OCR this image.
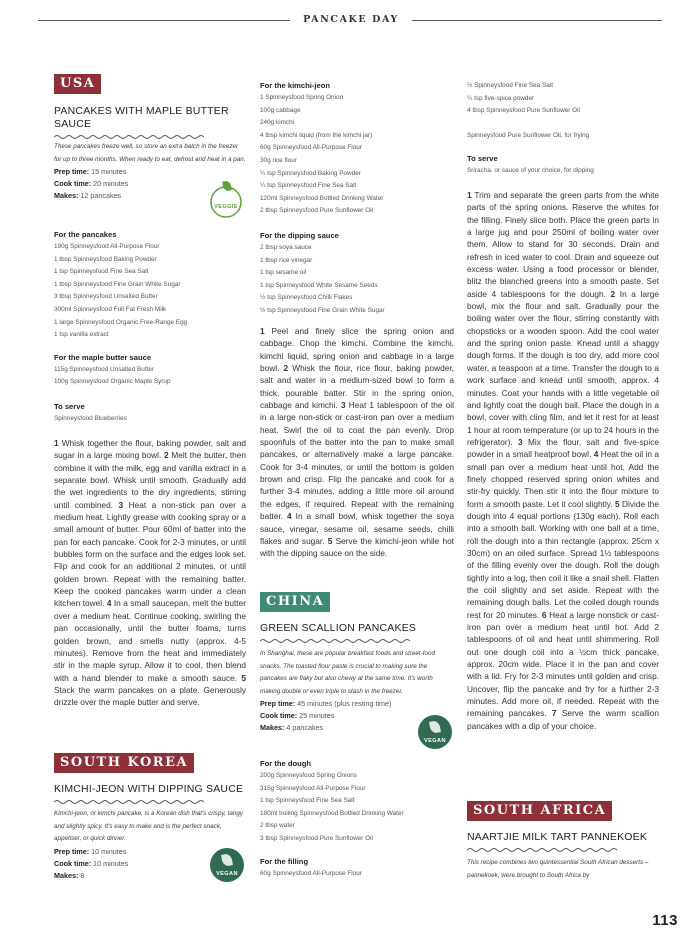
PANCAKE DAY
USA
PANCAKES WITH MAPLE BUTTER SAUCE
These pancakes freeze well, so store an extra batch in the freezer for up to three months. When ready to eat, defrost and heat in a pan.
Prep time: 15 minutes
Cook time: 20 minutes
Makes: 12 pancakes
VEGGIE
For the pancakes
190g Spinneysfood All-Purpose Flour
1 tbsp Spinneysfood Baking Powder
1 tsp Spinneysfood Fine Sea Salt
1 tbsp Spinneysfood Fine Grain White Sugar
3 tbsp Spinneysfood Unsalted Butter
300ml Spinneysfood Full Fat Fresh Milk
1 large Spinneysfood Organic Free-Range Egg
1 tsp vanilla extract
For the maple butter sauce
115g Spinneysfood Unsalted Butter
100g Spinneysfood Organic Maple Syrup
To serve
Spinneysfood Blueberries
1 Whisk together the flour, baking powder, salt and sugar in a large mixing bowl. 2 Melt the butter, then combine it with the milk, egg and vanilla extract in a separate bowl. Whisk until smooth. Gradually add the wet ingredients to the dry ingredients, stirring until combined. 3 Heat a non-stick pan over a medium heat. Lightly grease with cooking spray or a small amount of butter. Pour 60ml of batter into the pan for each pancake. Cook for 2-3 minutes, or until bubbles form on the surface and the edges look set. Flip and cook for an additional 2 minutes, or until golden brown. Repeat with the remaining batter. Keep the cooked pancakes warm under a clean kitchen towel. 4 In a small saucepan, melt the butter over a medium heat. Continue cooking, swirling the pan occasionally, until the butter foams, turns golden brown, and smells nutty (approx. 4-5 minutes). Remove from the heat and immediately stir in the maple syrup. Allow it to cool, then blend with a hand blender to make a smooth sauce. 5 Stack the warm pancakes on a plate. Generously drizzle over the maple butter and serve.
SOUTH KOREA
KIMCHI-JEON WITH DIPPING SAUCE
Kimchi-jeon, or kimchi pancake, is a Korean dish that's crispy, tangy and slightly spicy. It's easy to make and is the perfect snack, appetiser, or quick dinner.
Prep time: 10 minutes
Cook time: 10 minutes
Makes: 8	VEGAN
For the kimchi-jeon
1 Spinneysfood Spring Onion
100g cabbage
240g kimchi
4 tbsp kimchi liquid (from the kimchi jar)
60g Spinneysfood All-Purpose Flour
30g rice flour
¼ tsp Spinneysfood Baking Powder
¼ tsp Spinneysfood Fine Sea Salt
120ml Spinneysfood Bottled Drinking Water
2 tbsp Spinneysfood Pure Sunflower Oil
For the dipping sauce
2 tbsp soya sauce
1 tbsp rice vinegar
1 tsp sesame oil
1 tsp Spinneysfood White Sesame Seeds
½ tsp Spinneysfood Chilli Flakes
½ tsp Spinneysfood Fine Grain White Sugar
1 Peel and finely slice the spring onion and cabbage. Chop the kimchi. Combine the kimchi, kimchi liquid, spring onion and cabbage in a large bowl. 2 Whisk the flour, rice flour, baking powder, salt and water in a medium-sized bowl to form a thick, pourable batter. Stir in the spring onion, cabbage and kimchi. 3 Heat 1 tablespoon of the oil in a large non-stick or cast-iron pan over a medium heat. Swirl the oil to coat the pan evenly. Drop spoonfuls of the batter into the pan to make small pancakes, or alternatively make a large pancake. Cook for 3-4 minutes, or until the bottom is golden brown and crisp. Flip the pancake and cook for a further 3-4 minutes, adding a little more oil around the edges, if required. Repeat with the remaining batter. 4 In a small bowl, whisk together the soya sauce, vinegar, sesame oil, sesame seeds, chilli flakes and sugar. 5 Serve the kimchi-jeon while hot with the dipping sauce on the side.
CHINA
GREEN SCALLION PANCAKES
In Shanghai, these are popular breakfast foods and street-food snacks. The toasted flour paste is crucial to making sure the pancakes are flaky but also chewy at the same time. It's worth making double or even triple to stash in the freezer.
Prep time: 45 minutes (plus resting time)
Cook time: 25 minutes
Makes: 4 pancakes
VEGAN
For the dough
200g Spinneysfood Spring Onions
315g Spinneysfood All-Purpose Flour
1 tsp Spinneysfood Fine Sea Salt
180ml boiling Spinneysfood Bottled Drinking Water
2 tbsp water
3 tbsp Spinneysfood Pure Sunflower Oil
For the filling
60g Spinneysfood All-Purpose Flour
½ Spinneysfood Fine Sea Salt
¼ tsp five-spice powder
4 tbsp Spinneysfood Pure Sunflower Oil
Spinneysfood Pure Sunflower Oil, for frying
To serve
Sriracha, or sauce of your choice, for dipping
1 Trim and separate the green parts from the white parts of the spring onions. Reserve the whites for the filling. Finely slice both. Place the green parts in a large jug and pour 250ml of boiling water over them. Allow to stand for 30 seconds. Drain and refresh in iced water to cool. Drain and squeeze out excess water. Using a food processor or blender, blitz the blanched greens into a smooth paste. Set aside 4 tablespoons for the dough. 2 In a large bowl, mix the flour and salt. Gradually pour the boiling water over the flour, stirring constantly with chopsticks or a wooden spoon. Add the cool water and the spring onion paste. Knead until a shaggy dough forms. If the dough is too dry, add more cool water, a teaspoon at a time. Transfer the dough to a work surface and knead until smooth, approx. 4 minutes. Coat your hands with a little vegetable oil and lightly coat the dough ball. Place the dough in a bowl, cover with cling film, and let it rest for at least 1 hour at room temperature (or up to 24 hours in the refrigerator). 3 Mix the flour, salt and five-spice powder in a small heatproof bowl. 4 Heat the oil in a small pan over a medium heat until hot. Add the finely chopped reserved spring onion whites and stir-fry quickly. Then stir it into the flour mixture to form a smooth paste. Let it cool slightly. 5 Divide the dough into 4 equal portions (130g each). Roll each into a smooth ball. Working with one ball at a time, roll the dough into a thin rectangle (approx. 25cm x 30cm) on an oiled surface. Spread 1½ tablespoons of the filling evenly over the dough. Roll the dough tightly into a log, then coil it like a snail shell. Flatten the coil slightly and set aside. Repeat with the remaining dough balls. Let the coiled dough rounds rest for 20 minutes. 6 Heat a large nonstick or cast-iron pan over a medium heat until hot. Add 2 tablespoons of oil and heat until shimmering. Roll out one dough coil into a ½cm thick pancake, approx. 20cm wide. Place it in the pan and cover with a lid. Fry for 2-3 minutes until golden and crisp. Uncover, flip the pancake and fry for a further 2-3 minutes. Add more oil, if needed. Repeat with the remaining pancakes. 7 Serve the warm scallion pancakes with a dip of your choice.
SOUTH AFRICA
NAARTJIE MILK TART PANNEKOEK
This recipe combines two quintessential South African desserts – pannekoek, were brought to South Africa by
113
